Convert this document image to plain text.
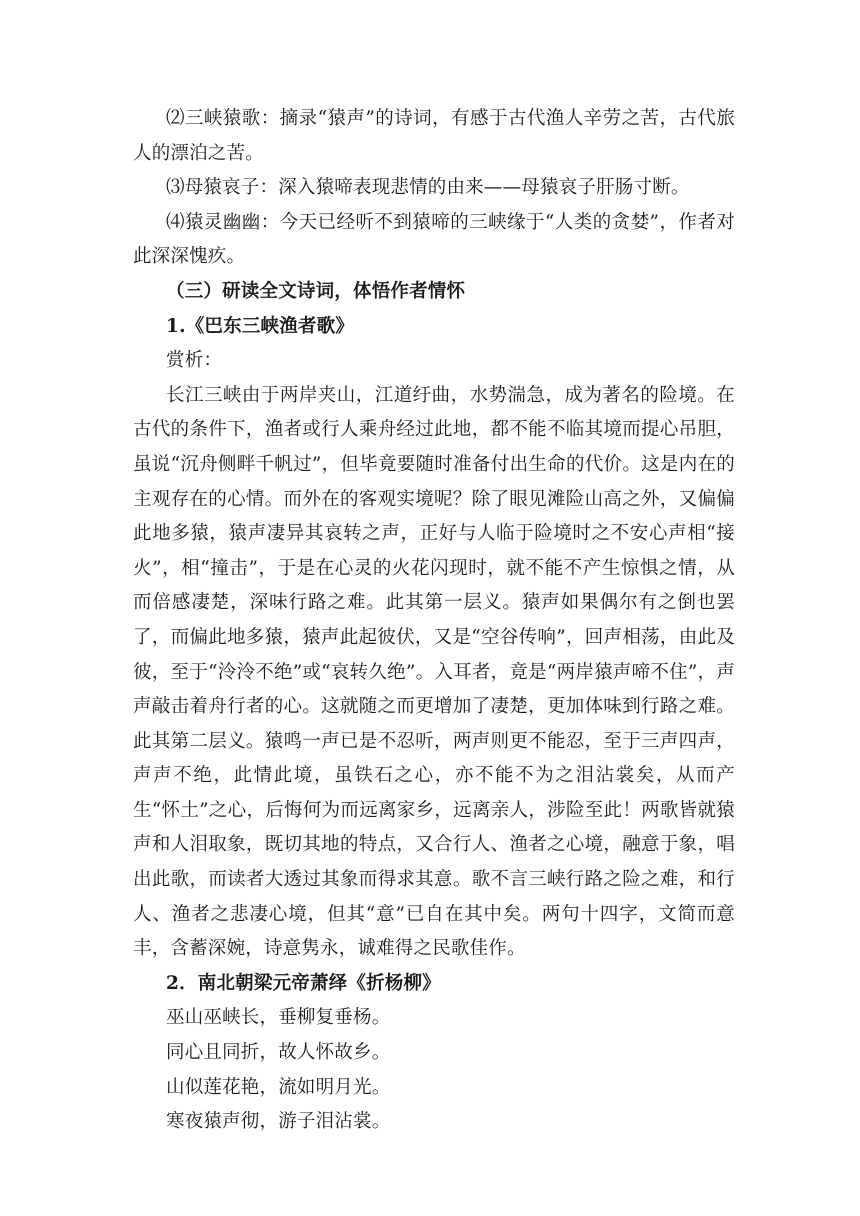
⑵三峡猿歌：摘录“猿声”的诗词，有感于古代渔人辛劳之苦，古代旅人的漂泊之苦。

⑶母猿哀子：深入猿啼表现悲情的由来——母猿哀子肝肠寸断。

⑷猿灵幽幽：今天已经听不到猿啼的三峡缘于“人类的贪婪”，作者对此深深愧疚。

（三）研读全文诗词，体悟作者情怀

1.《巴东三峡渔者歌》

赏析：

长江三峡由于两岸夹山，江道纡曲，水势湍急，成为著名的险境。在古代的条件下，渔者或行人乘舟经过此地，都不能不临其境而提心吊胆，虽说“沉舟侧畔千帆过”，但毕竟要随时准备付出生命的代价。这是内在的主观存在的心情。而外在的客观实境呢？除了眼见滩险山高之外，又偏偏此地多猿，猿声凄异其哀转之声，正好与人临于险境时之不安心声相“接火”，相“撞击”，于是在心灵的火花闪现时，就不能不产生惊惧之情，从而倍感凄楚，深味行路之难。此其第一层义。猿声如果偶尔有之倒也罢了，而偏此地多猿，猿声此起彼伏，又是“空谷传响”，回声相荡，由此及彼，至于“泠泠不绝”或“哀转久绝”。入耳者，竟是“两岸猿声啼不住”，声声敲击着舟行者的心。这就随之而更增加了凄楚，更加体味到行路之难。此其第二层义。猿鸣一声已是不忍听，两声则更不能忍，至于三声四声，声声不绝，此情此境，虽铁石之心，亦不能不为之泪沾裳矣，从而产生“怀土”之心，后悔何为而远离家乡，远离亲人，涉险至此！两歌皆就猿声和人泪取象，既切其地的特点，又合行人、渔者之心境，融意于象，唱出此歌，而读者大透过其象而得求其意。歌不言三峡行路之险之难，和行人、渔者之悲凄心境，但其“意”已自在其中矣。两句十四字，文简而意丰，含蓄深婉，诗意隽永，诚难得之民歌佳作。

2．南北朝梁元帝萧绎《折杨柳》

巫山巫峡长，垂柳复垂杨。

同心且同折，故人怀故乡。

山似莲花艳，流如明月光。

寒夜猿声彻，游子泪沾裳。
